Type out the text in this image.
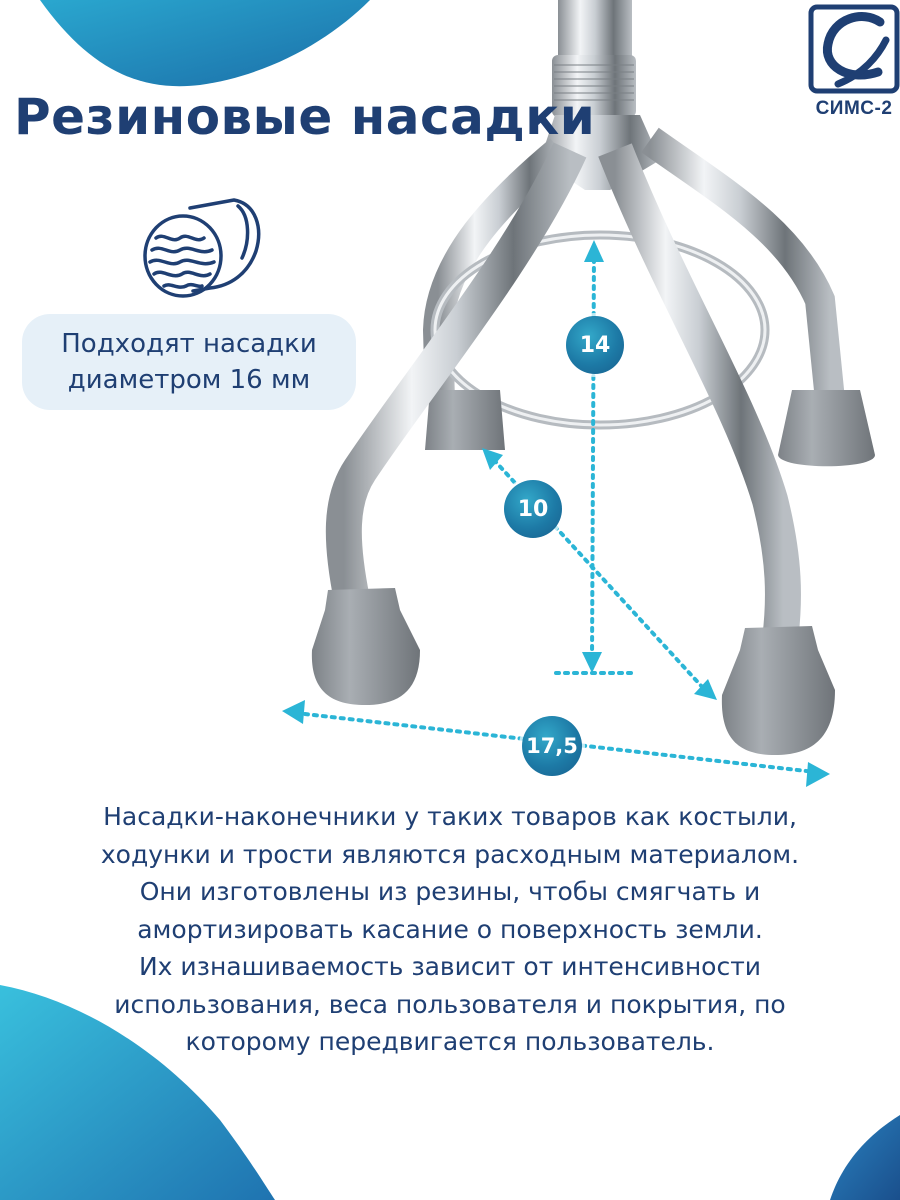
Резиновые насадки	СИМС-2
Подходят насадки
диаметром 16 мм
14
10
17,5
Насадки-наконечники у таких товаров как костыли,
ходунки и трости являются расходным материалом.
Они изготовлены из резины, чтобы смягчать и
амортизировать касание о поверхность земли.
Их изнашиваемость зависит от интенсивности
использования, веса пользователя и покрытия, по
которому передвигается пользователь.
